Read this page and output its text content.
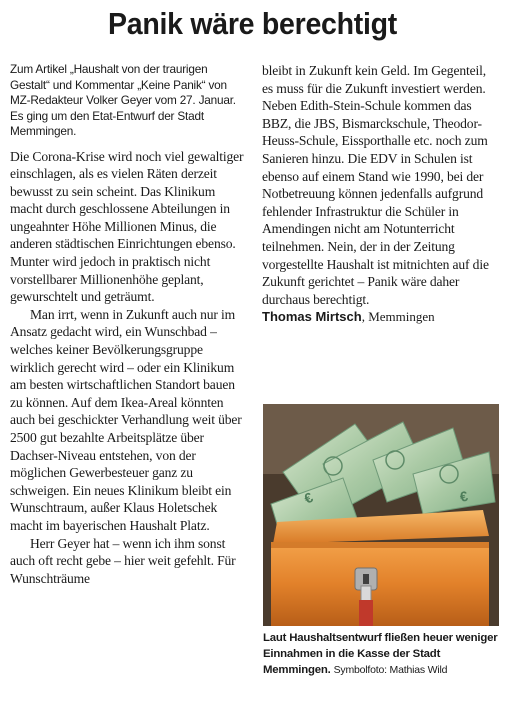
Panik wäre berechtigt

Zum Artikel „Haushalt von der traurigen Gestalt“ und Kommentar „Keine Panik“ von MZ-Redakteur Volker Geyer vom 27. Januar. Es ging um den Etat-Entwurf der Stadt Memmingen.

Die Corona-Krise wird noch viel gewaltiger einschlagen, als es vielen Räten derzeit bewusst zu sein scheint. Das Klinikum macht durch geschlossene Abteilungen in ungeahnter Höhe Millionen Minus, die anderen städtischen Einrichtungen ebenso. Munter wird jedoch in praktisch nicht vorstellbarer Millionenhöhe geplant, gewurschtelt und geträumt.

Man irrt, wenn in Zukunft auch nur im Ansatz gedacht wird, ein Wunschbad – welches keiner Bevölkerungsgruppe wirklich gerecht wird – oder ein Klinikum am besten wirtschaftlichen Standort bauen zu können. Auf dem Ikea-Areal könnten auch bei geschickter Verhandlung weit über 2500 gut bezahlte Arbeitsplätze über Dachser-Niveau entstehen, von der möglichen Gewerbesteuer ganz zu schweigen. Ein neues Klinikum bleibt ein Wunschtraum, außer Klaus Holetschek macht im bayerischen Haushalt Platz.

Herr Geyer hat – wenn ich ihm sonst auch oft recht gebe – hier weit gefehlt. Für Wunschträume

bleibt in Zukunft kein Geld. Im Gegenteil, es muss für die Zukunft investiert werden. Neben Edith-Stein-Schule kommen das BBZ, die JBS, Bismarckschule, Theodor-Heuss-Schule, Eissporthalle etc. noch zum Sanieren hinzu. Die EDV in Schulen ist ebenso auf einem Stand wie 1990, bei der Notbetreuung können jedenfalls aufgrund fehlender Infrastruktur die Schüler in Amendingen nicht am Notunterricht teilnehmen. Nein, der in der Zeitung vorgestellte Haushalt ist mitnichten auf die Zukunft gerichtet – Panik wäre daher durchaus berechtigt.

Thomas Mirtsch, Memmingen

€	€
Laut Haushaltsentwurf fließen heuer weniger Einnahmen in die Kasse der Stadt Memmingen. Symbolfoto: Mathias Wild
